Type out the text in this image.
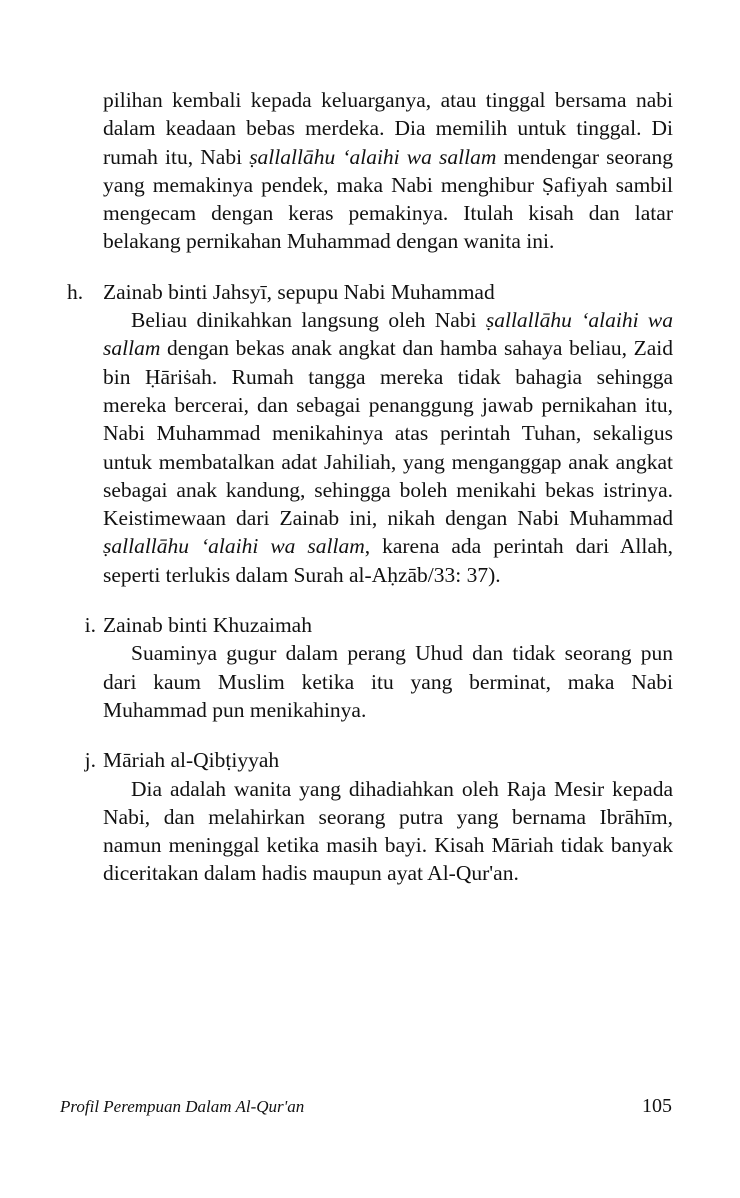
pilihan kembali kepada keluarganya, atau tinggal bersama nabi dalam keadaan bebas merdeka. Dia memilih untuk tinggal. Di rumah itu, Nabi ṣallallāhu ‘alaihi wa sallam mendengar seorang yang memakinya pendek, maka Nabi menghibur Ṣafiyah sambil mengecam dengan keras pemakinya. Itulah kisah dan latar belakang pernikahan Muhammad dengan wanita ini.

h. Zainab binti Jahsyī, sepupu Nabi Muhammad

Beliau dinikahkan langsung oleh Nabi ṣallallāhu ‘alaihi wa sallam dengan bekas anak angkat dan hamba sahaya beliau, Zaid bin Ḥāriṡah. Rumah tangga mereka tidak bahagia sehingga mereka bercerai, dan sebagai penanggung jawab pernikahan itu, Nabi Muhammad menikahinya atas perintah Tuhan, sekaligus untuk membatalkan adat Jahiliah, yang menganggap anak angkat sebagai anak kandung, sehingga boleh menikahi bekas istrinya. Keistimewaan dari Zainab ini, nikah dengan Nabi Muhammad ṣallallāhu ‘alaihi wa sallam, karena ada perintah dari Allah, seperti terlukis dalam Surah al-Aḥzāb/33: 37).

i. Zainab binti Khuzaimah

Suaminya gugur dalam perang Uhud dan tidak seorang pun dari kaum Muslim ketika itu yang berminat, maka Nabi Muhammad pun menikahinya.

j. Māriah al-Qibṭiyyah

Dia adalah wanita yang dihadiahkan oleh Raja Mesir kepada Nabi, dan melahirkan seorang putra yang bernama Ibrāhīm, namun meninggal ketika masih bayi. Kisah Māriah tidak banyak diceritakan dalam hadis maupun ayat Al-Qur'an.

Profil Perempuan Dalam Al-Qur'an	105
